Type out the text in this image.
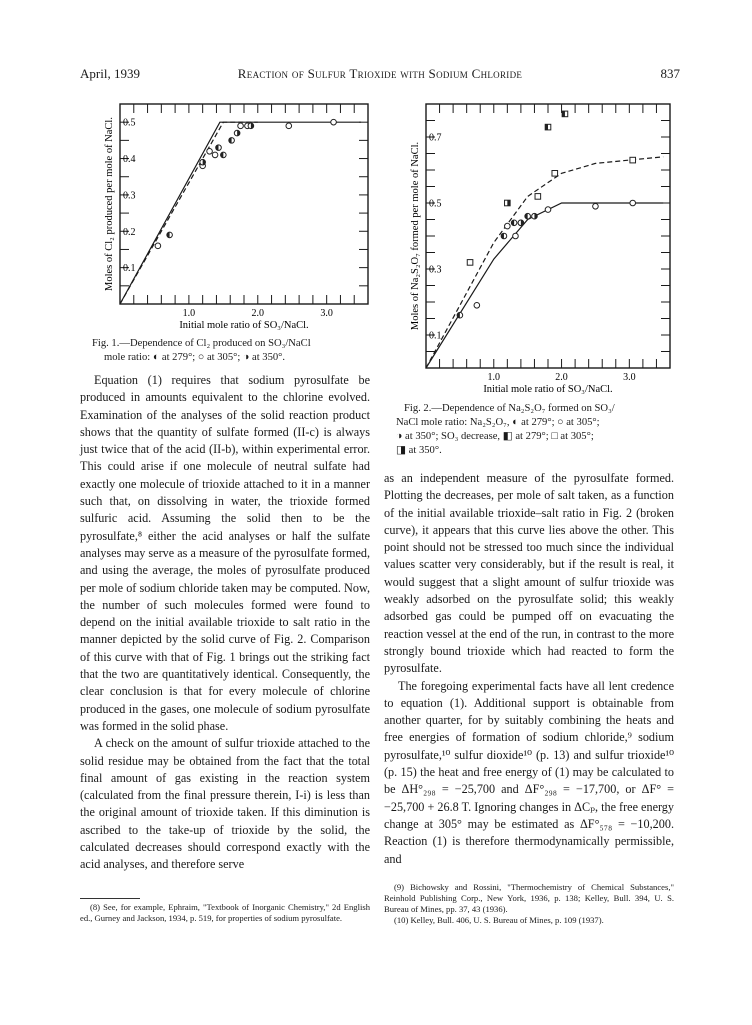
April, 1939	Reaction of Sulfur Trioxide with Sodium Chloride	837
1.0	2.0	3.0
0.1
0.2
0.3
0.4
0.5
Initial mole ratio of SO₃/NaCl.
Moles of Cl₂ produced per mole of NaCl.
Fig. 1.—Dependence of Cl₂ produced on SO₃/NaCl
mole ratio: ◐ at 279°; ○ at 305°; ◑ at 350°.
1.0	2.0	3.0
0.1
0.3
0.5
0.7
Initial mole ratio of SO₃/NaCl.
Moles of Na₂S₂O₇ formed per mole of NaCl.
Fig. 2.—Dependence of Na₂S₂O₇ formed on SO₃/
NaCl mole ratio: Na₂S₂O₇, ◐ at 279°; ○ at 305°;
◑ at 350°; SO₃ decrease, ◧ at 279°; □ at 305°;
◨ at 350°.

Equation (1) requires that sodium pyrosulfate be produced in amounts equivalent to the chlorine evolved. Examination of the analyses of the solid reaction product shows that the quantity of sulfate formed (II-c) is always just twice that of the acid (II-b), within experimental error. This could arise if one molecule of neutral sulfate had exactly one molecule of trioxide attached to it in a manner such that, on dissolving in water, the trioxide formed sulfuric acid. Assuming the solid then to be the pyrosulfate,⁸ either the acid analyses or half the sulfate analyses may serve as a measure of the pyrosulfate formed, and using the average, the moles of pyrosulfate produced per mole of sodium chloride taken may be computed. Now, the number of such molecules formed were found to depend on the initial available trioxide to salt ratio in the manner depicted by the solid curve of Fig. 2. Comparison of this curve with that of Fig. 1 brings out the striking fact that the two are quantitatively identical. Consequently, the clear conclusion is that for every molecule of chlorine produced in the gases, one molecule of sodium pyrosulfate was formed in the solid phase.

A check on the amount of sulfur trioxide attached to the solid residue may be obtained from the fact that the total final amount of gas existing in the reaction system (calculated from the final pressure therein, I-i) is less than the original amount of trioxide taken. If this diminution is ascribed to the take-up of trioxide by the solid, the calculated decreases should correspond exactly with the acid analyses, and therefore serve

as an independent measure of the pyrosulfate formed. Plotting the decreases, per mole of salt taken, as a function of the initial available trioxide–salt ratio in Fig. 2 (broken curve), it appears that this curve lies above the other. This point should not be stressed too much since the individual values scatter very considerably, but if the result is real, it would suggest that a slight amount of sulfur trioxide was weakly adsorbed on the pyrosulfate solid; this weakly adsorbed gas could be pumped off on evacuating the reaction vessel at the end of the run, in contrast to the more strongly bound trioxide which had reacted to form the pyrosulfate.

The foregoing experimental facts have all lent credence to equation (1). Additional support is obtainable from another quarter, for by suitably combining the heats and free energies of formation of sodium chloride,⁹ sodium pyrosulfate,¹⁰ sulfur dioxide¹⁰ (p. 13) and sulfur trioxide¹⁰ (p. 15) the heat and free energy of (1) may be calculated to be ΔH°₂₉₈ = −25,700 and ΔF°₂₉₈ = −17,700, or ΔF° = −25,700 + 26.8 T. Ignoring changes in ΔCₚ, the free energy change at 305° may be estimated as ΔF°₅₇₈ = −10,200. Reaction (1) is therefore thermodynamically permissible, and

(8) See, for example, Ephraim, "Textbook of Inorganic Chemistry," 2d English ed., Gurney and Jackson, 1934, p. 519, for properties of sodium pyrosulfate.
(9) Bichowsky and Rossini, "Thermochemistry of Chemical Substances," Reinhold Publishing Corp., New York, 1936, p. 138; Kelley, Bull. 394, U. S. Bureau of Mines, pp. 37, 43 (1936).
(10) Kelley, Bull. 406, U. S. Bureau of Mines, p. 109 (1937).
